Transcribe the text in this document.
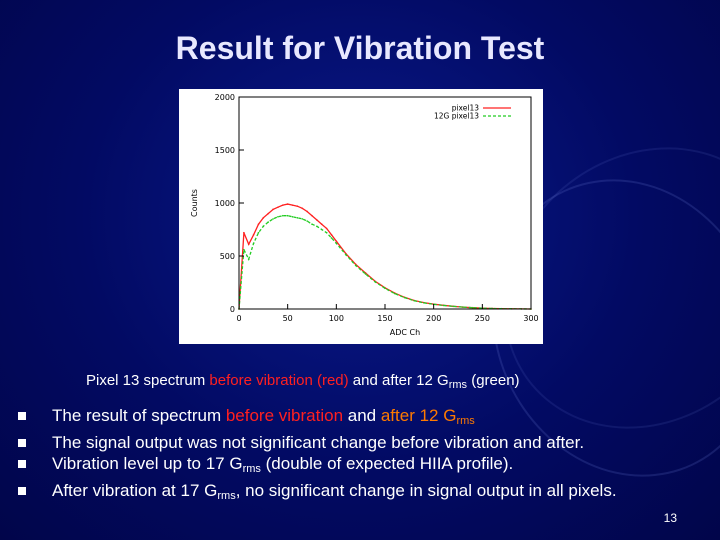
Result for Vibration Test
0	50	100	150	200	250	300
0
500
1000
1500
2000
ADC Ch
Counts
pixel13
12G pixel13
Pixel 13 spectrum before vibration (red) and after 12 $G_{rms}$ (green)
The result of spectrum before vibration and after 12 $G_{rms}$
The signal output was not significant change before vibration and after.
Vibration level up to 17 $G_{rms}$ (double of expected HIIA profile).
After vibration at 17 $G_{rms}$, no significant change in signal output in all pixels.
13
